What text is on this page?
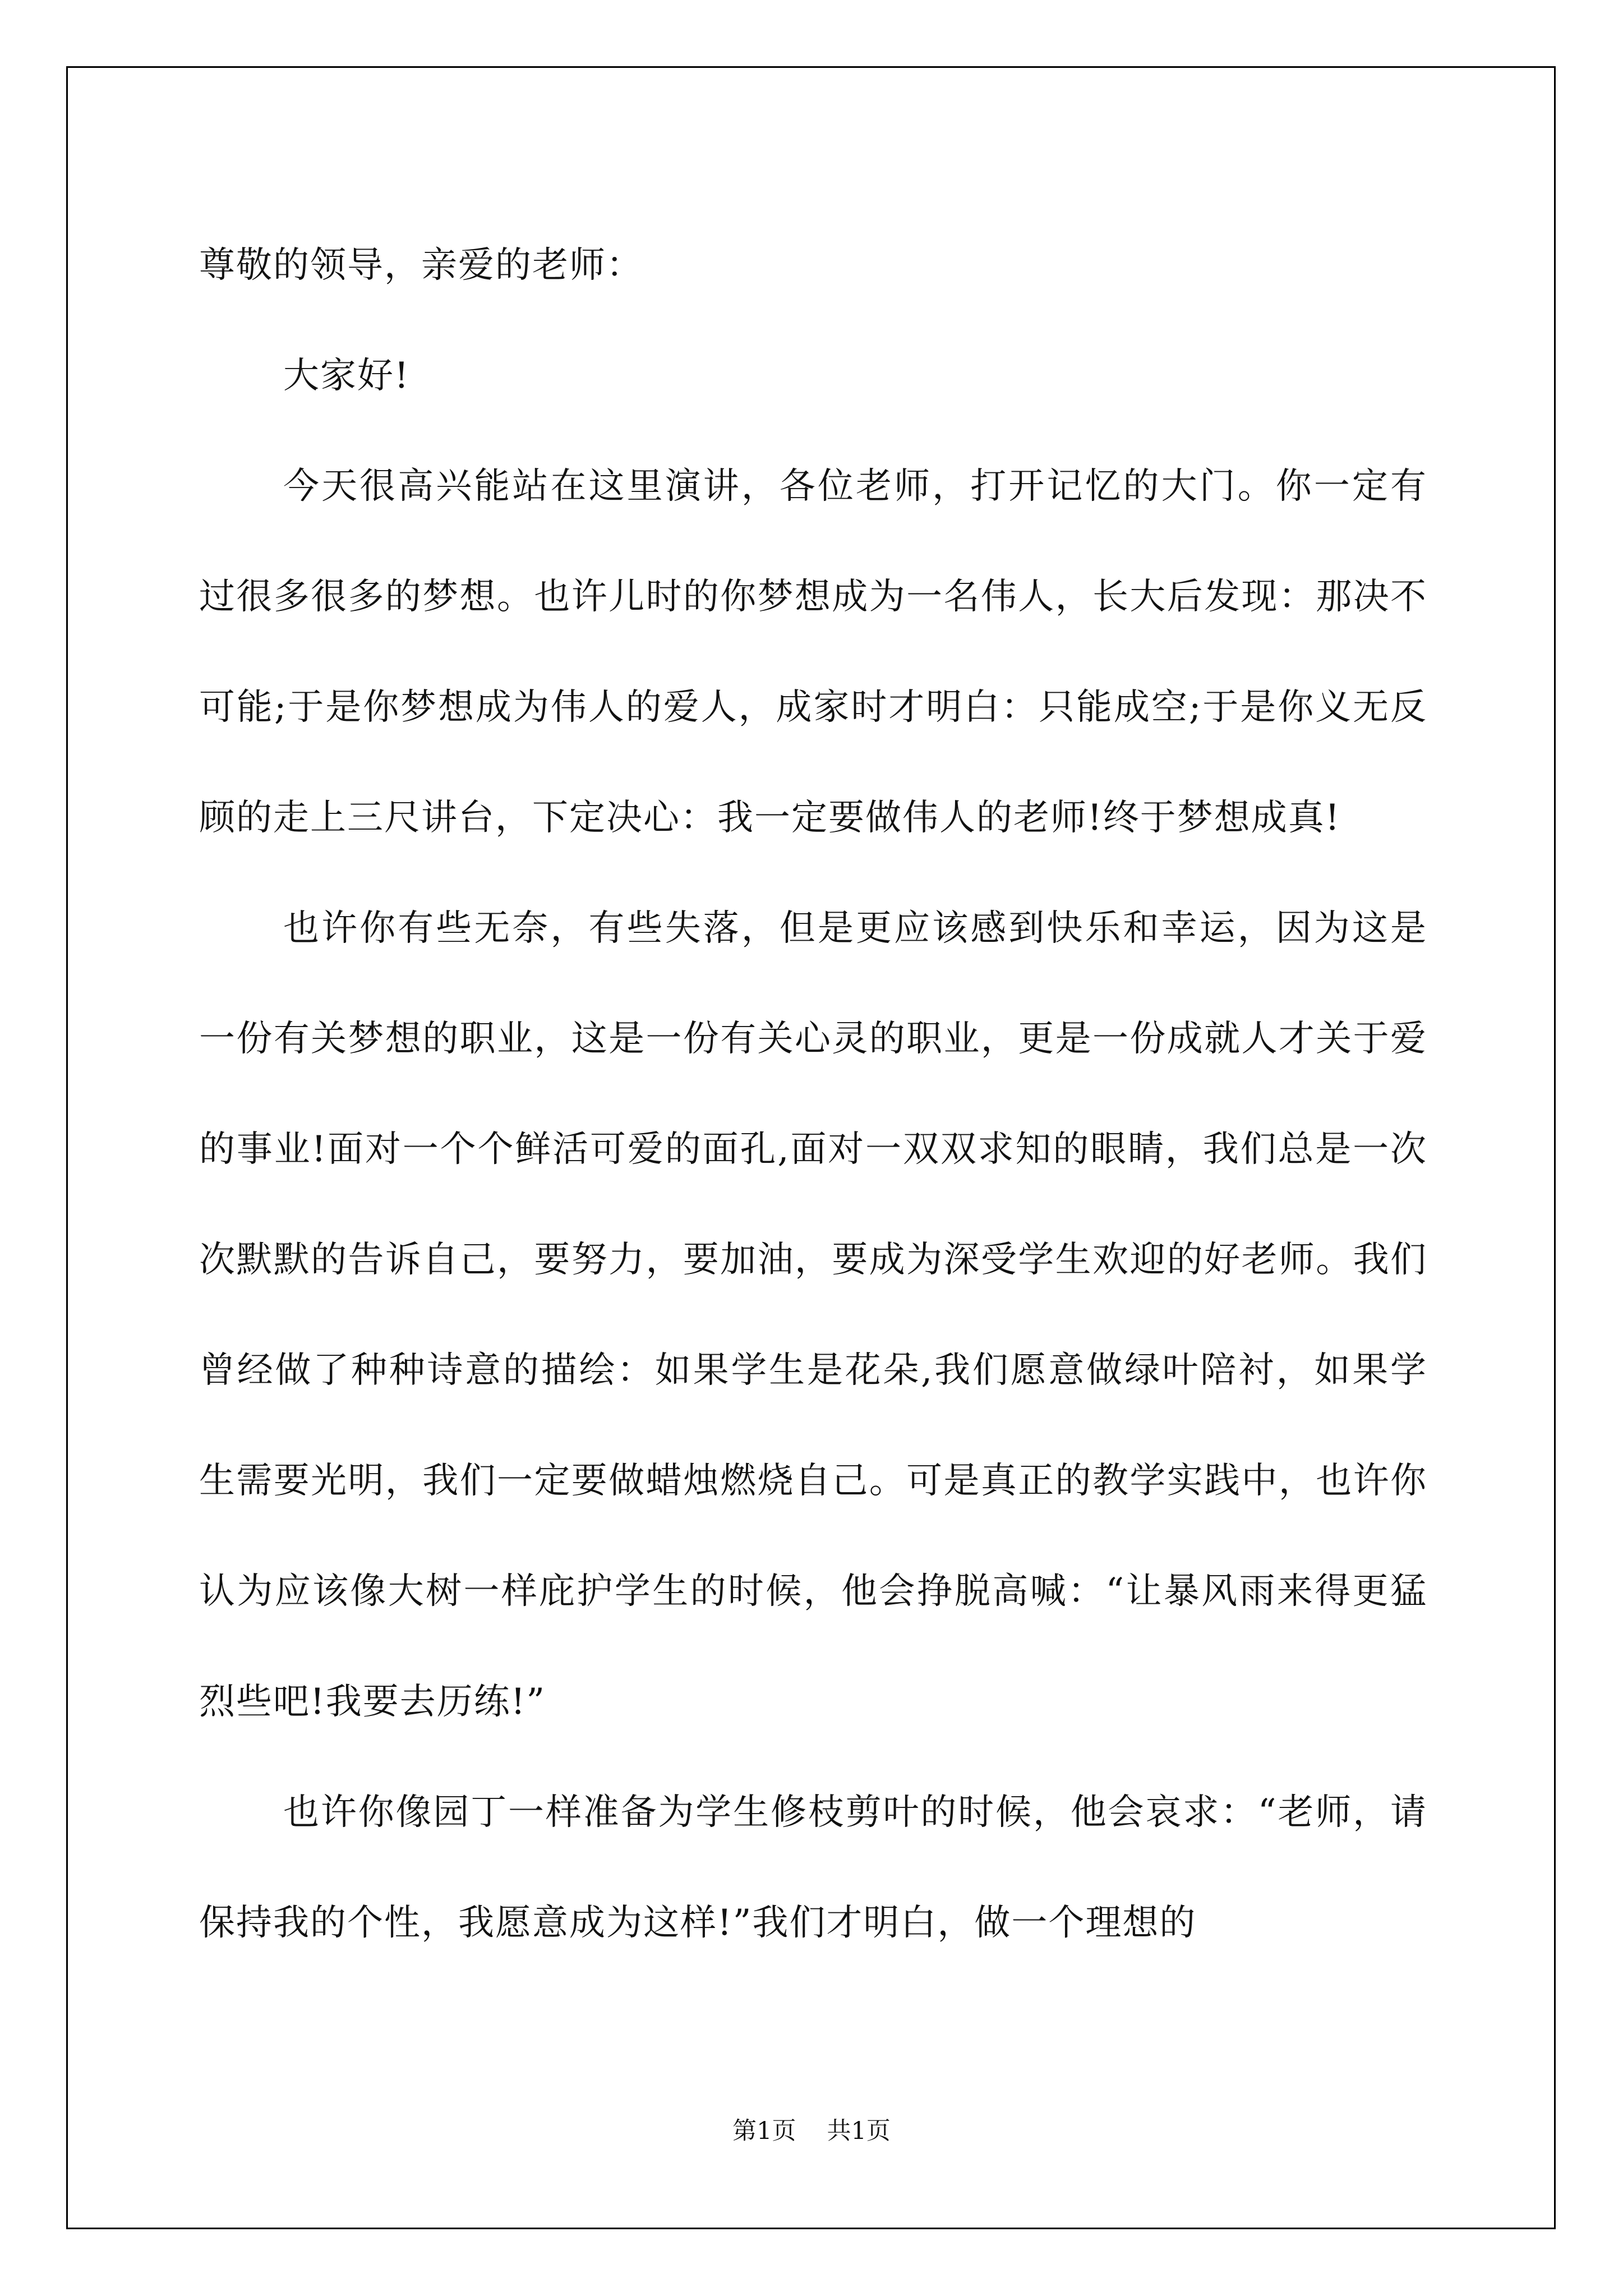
尊敬的领导，亲爱的老师：

大家好!

今天很高兴能站在这里演讲，各位老师，打开记忆的大门。你一定有过很多很多的梦想。也许儿时的你梦想成为一名伟人，长大后发现：那决不可能;于是你梦想成为伟人的爱人，成家时才明白：只能成空;于是你义无反顾的走上三尺讲台，下定决心：我一定要做伟人的老师!终于梦想成真!

也许你有些无奈，有些失落，但是更应该感到快乐和幸运，因为这是一份有关梦想的职业，这是一份有关心灵的职业，更是一份成就人才关于爱的事业!面对一个个鲜活可爱的面孔,面对一双双求知的眼睛，我们总是一次次默默的告诉自己，要努力，要加油，要成为深受学生欢迎的好老师。我们曾经做了种种诗意的描绘：如果学生是花朵,我们愿意做绿叶陪衬，如果学生需要光明，我们一定要做蜡烛燃烧自己。可是真正的教学实践中，也许你认为应该像大树一样庇护学生的时候，他会挣脱高喊：“让暴风雨来得更猛烈些吧!我要去历练!”

也许你像园丁一样准备为学生修枝剪叶的时候，他会哀求：“老师，请保持我的个性，我愿意成为这样!”我们才明白，做一个理想的

第1页 共1页
